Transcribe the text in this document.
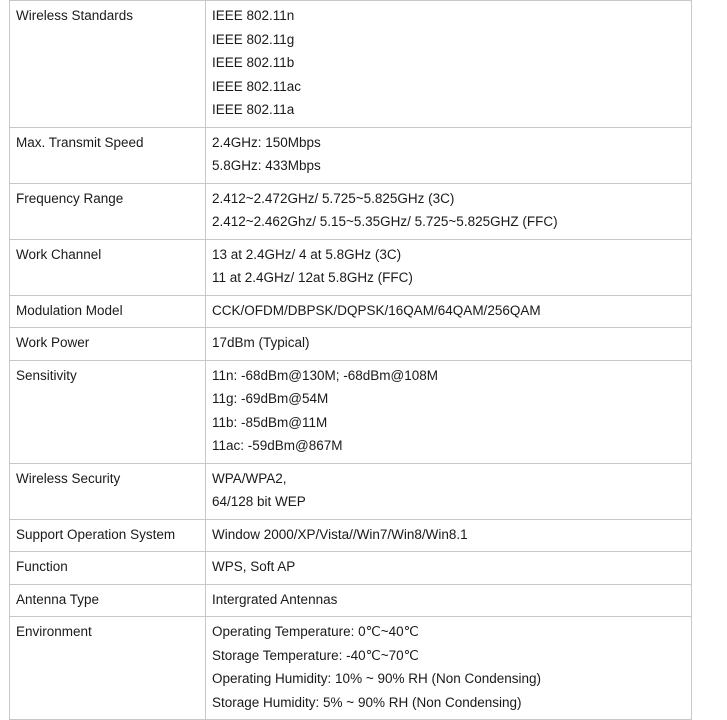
Wireless Standards	IEEE 802.11n
IEEE 802.11g
IEEE 802.11b
IEEE 802.11ac
IEEE 802.11a

Max. Transmit Speed	2.4GHz: 150Mbps
5.8GHz: 433Mbps

Frequency Range	2.412~2.472GHz/ 5.725~5.825GHz (3C)
2.412~2.462Ghz/ 5.15~5.35GHz/ 5.725~5.825GHZ (FFC)

Work Channel	13 at 2.4GHz/ 4 at 5.8GHz (3C)
11 at 2.4GHz/ 12at 5.8GHz (FFC)

Modulation Model	CCK/OFDM/DBPSK/DQPSK/16QAM/64QAM/256QAM

Work Power	17dBm (Typical)

Sensitivity	11n: -68dBm@130M; -68dBm@108M
11g: -69dBm@54M
11b: -85dBm@11M
11ac: -59dBm@867M

Wireless Security	WPA/WPA2,
64/128 bit WEP

Support Operation System	Window 2000/XP/Vista//Win7/Win8/Win8.1

Function	WPS, Soft AP

Antenna Type	Intergrated Antennas

Environment	Operating Temperature: 0℃~40℃
Storage Temperature: -40℃~70℃
Operating Humidity: 10% ~ 90% RH (Non Condensing)
Storage Humidity: 5% ~ 90% RH (Non Condensing)
